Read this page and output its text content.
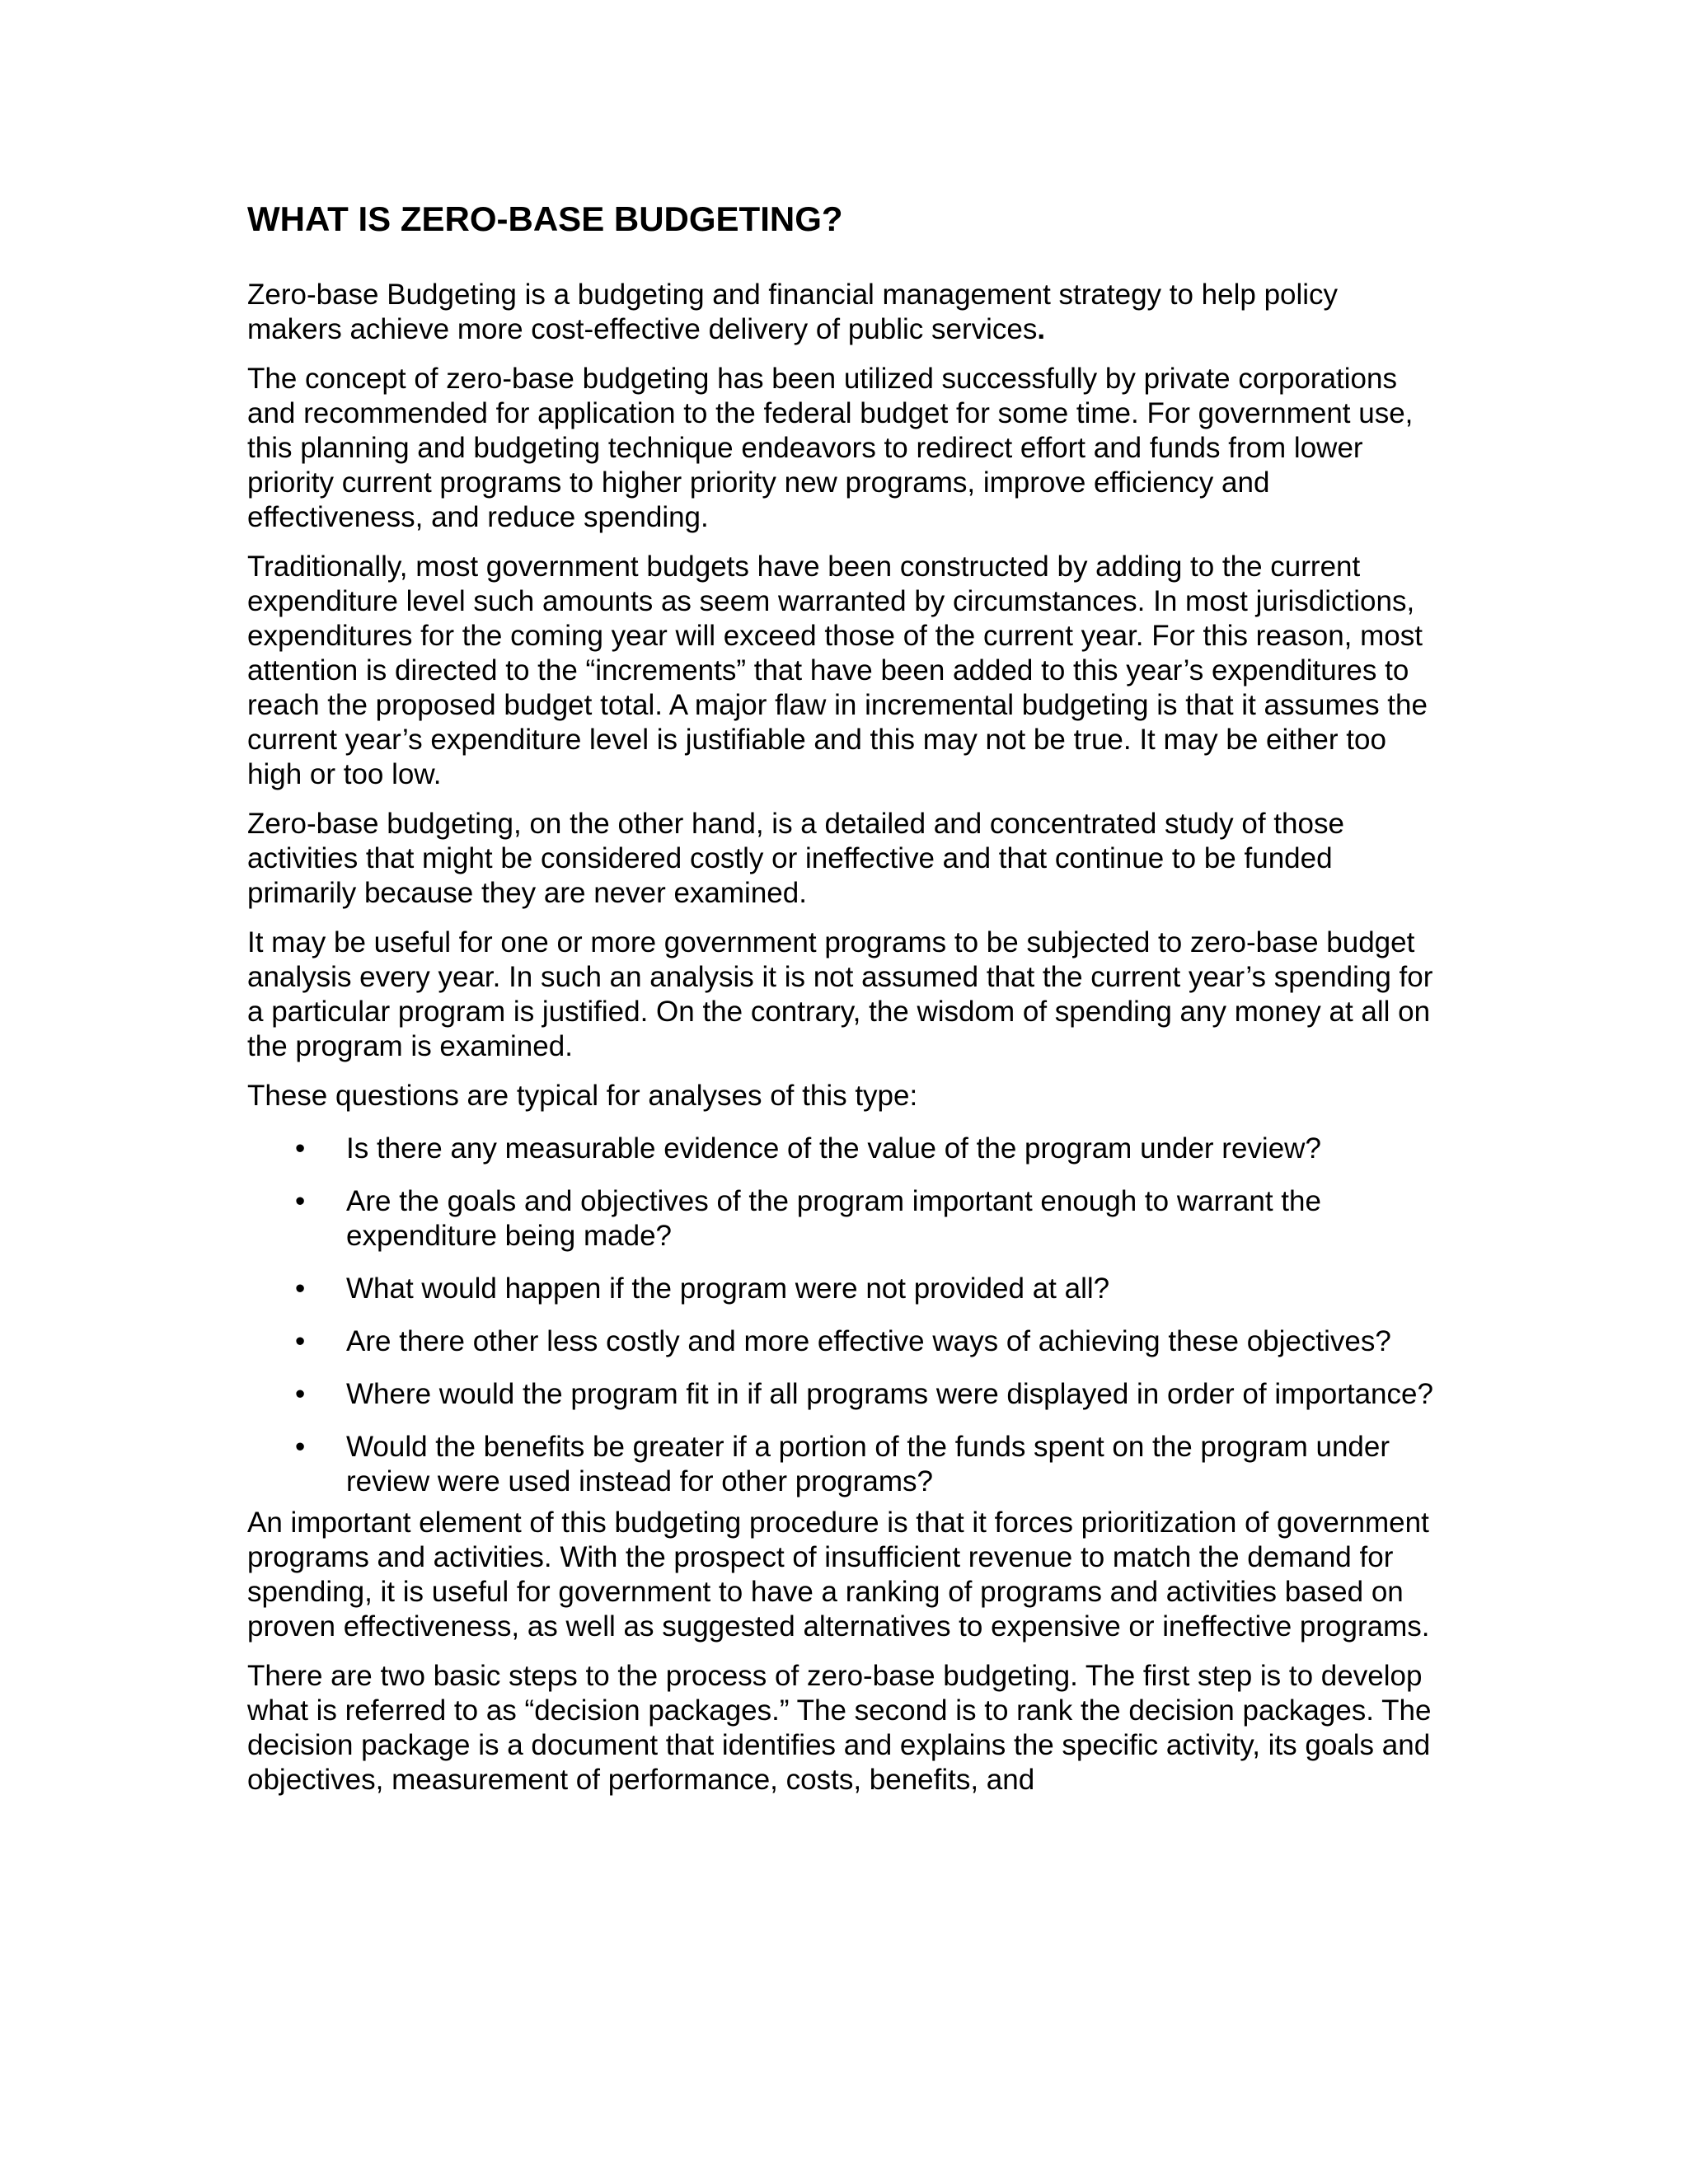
WHAT IS ZERO-BASE BUDGETING?

Zero-base Budgeting is a budgeting and financial management strategy to help policy makers achieve more cost-effective delivery of public services.

The concept of zero-base budgeting has been utilized successfully by private corporations and recommended for application to the federal budget for some time. For government use, this planning and budgeting technique endeavors to redirect effort and funds from lower priority current programs to higher priority new programs, improve efficiency and effectiveness, and reduce spending.

Traditionally, most government budgets have been constructed by adding to the current expenditure level such amounts as seem warranted by circumstances. In most jurisdictions, expenditures for the coming year will exceed those of the current year. For this reason, most attention is directed to the “increments” that have been added to this year’s expenditures to reach the proposed budget total. A major flaw in incremental budgeting is that it assumes the current year’s expenditure level is justifiable and this may not be true. It may be either too high or too low.

Zero-base budgeting, on the other hand, is a detailed and concentrated study of those activities that might be considered costly or ineffective and that continue to be funded primarily because they are never examined.

It may be useful for one or more government programs to be subjected to zero-base budget analysis every year. In such an analysis it is not assumed that the current year’s spending for a particular program is justified. On the contrary, the wisdom of spending any money at all on the program is examined.

These questions are typical for analyses of this type:

• Is there any measurable evidence of the value of the program under review?
• Are the goals and objectives of the program important enough to warrant the expenditure being made?
• What would happen if the program were not provided at all?
• Are there other less costly and more effective ways of achieving these objectives?
• Where would the program fit in if all programs were displayed in order of importance?
• Would the benefits be greater if a portion of the funds spent on the program under review were used instead for other programs?

An important element of this budgeting procedure is that it forces prioritization of government programs and activities. With the prospect of insufficient revenue to match the demand for spending, it is useful for government to have a ranking of programs and activities based on proven effectiveness, as well as suggested alternatives to expensive or ineffective programs.

There are two basic steps to the process of zero-base budgeting. The first step is to develop what is referred to as “decision packages.” The second is to rank the decision packages. The decision package is a document that identifies and explains the specific activity, its goals and objectives, measurement of performance, costs, benefits, and
